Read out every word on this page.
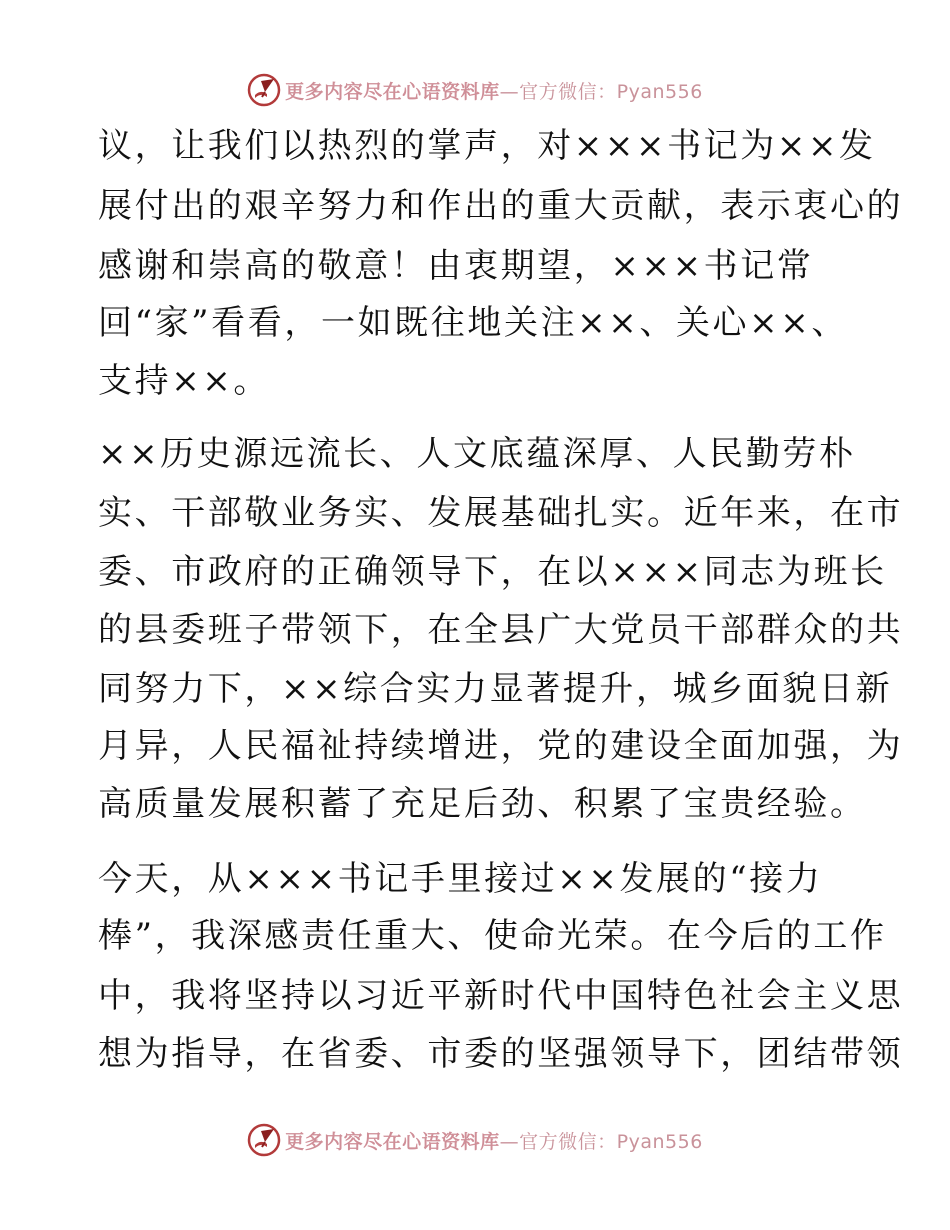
更多内容尽在心语资料库—官方微信：Pyan556
议，让我们以热烈的掌声，对×××书记为××发
展付出的艰辛努力和作出的重大贡献，表示衷心的
感谢和崇高的敬意！由衷期望，×××书记常
回“家”看看，一如既往地关注××、关心××、
支持××。
××历史源远流长、人文底蕴深厚、人民勤劳朴
实、干部敬业务实、发展基础扎实。近年来，在市
委、市政府的正确领导下，在以×××同志为班长
的县委班子带领下，在全县广大党员干部群众的共
同努力下，××综合实力显著提升，城乡面貌日新
月异，人民福祉持续增进，党的建设全面加强，为
高质量发展积蓄了充足后劲、积累了宝贵经验。
今天，从×××书记手里接过××发展的“接力
棒”，我深感责任重大、使命光荣。在今后的工作
中，我将坚持以习近平新时代中国特色社会主义思
想为指导，在省委、市委的坚强领导下，团结带领
更多内容尽在心语资料库—官方微信：Pyan556
